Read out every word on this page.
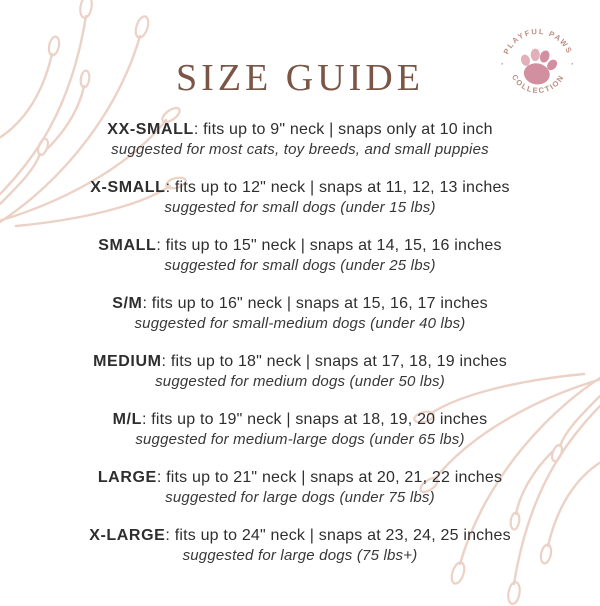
SIZE GUIDE
PLAYFUL PAWS
COLLECTION
·	·
XX-SMALL: fits up to 9" neck | snaps only at 10 inch
suggested for most cats, toy breeds, and small puppies
X-SMALL: fits up to 12" neck | snaps at 11, 12, 13 inches
suggested for small dogs (under 15 lbs)
SMALL: fits up to 15" neck | snaps at 14, 15, 16 inches
suggested for small dogs (under 25 lbs)
S/M: fits up to 16" neck | snaps at 15, 16, 17 inches
suggested for small-medium dogs (under 40 lbs)
MEDIUM: fits up to 18" neck | snaps at 17, 18, 19 inches
suggested for medium dogs (under 50 lbs)
M/L: fits up to 19" neck | snaps at 18, 19, 20 inches
suggested for medium-large dogs (under 65 lbs)
LARGE: fits up to 21" neck | snaps at 20, 21, 22 inches
suggested for large dogs (under 75 lbs)
X-LARGE: fits up to 24" neck | snaps at 23, 24, 25 inches
suggested for large dogs (75 lbs+)
